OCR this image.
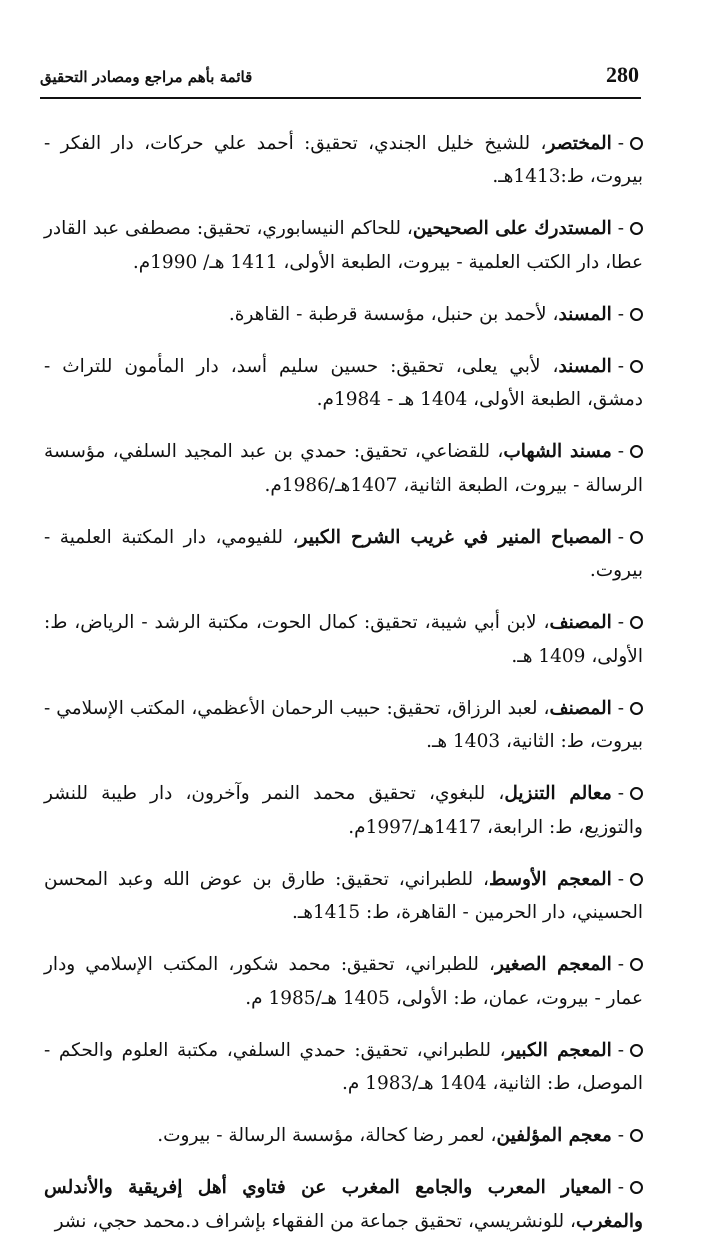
280
قائمة بأهم مراجع ومصادر التحقيق

-المختصر، للشيخ خليل الجندي، تحقيق: أحمد علي حركات، دار الفكر - بيروت، ط:1413هـ.

-المستدرك على الصحيحين، للحاكم النيسابوري، تحقيق: مصطفى عبد القادر عطا، دار الكتب العلمية - بيروت، الطبعة الأولى، 1411 هـ/ 1990م.

-المسند، لأحمد بن حنبل، مؤسسة قرطبة - القاهرة.

-المسند، لأبي يعلى، تحقيق: حسين سليم أسد، دار المأمون للتراث - دمشق، الطبعة الأولى، 1404 هـ - 1984م.

-مسند الشهاب، للقضاعي، تحقيق: حمدي بن عبد المجيد السلفي، مؤسسة الرسالة - بيروت، الطبعة الثانية، 1407هـ/1986م.

-المصباح المنير في غريب الشرح الكبير، للفيومي، دار المكتبة العلمية - بيروت.

-المصنف، لابن أبي شيبة، تحقيق: كمال الحوت، مكتبة الرشد - الرياض، ط: الأولى، 1409 هـ.

-المصنف، لعبد الرزاق، تحقيق: حبيب الرحمان الأعظمي، المكتب الإسلامي - بيروت، ط: الثانية، 1403 هـ.

-معالم التنزيل، للبغوي، تحقيق محمد النمر وآخرون، دار طيبة للنشر والتوزيع، ط: الرابعة، 1417هـ/1997م.

-المعجم الأوسط، للطبراني، تحقيق: طارق بن عوض الله وعبد المحسن الحسيني، دار الحرمين - القاهرة، ط: 1415هـ.

-المعجم الصغير، للطبراني، تحقيق: محمد شكور، المكتب الإسلامي ودار عمار - بيروت، عمان، ط: الأولى، 1405 هـ/1985 م.

-المعجم الكبير، للطبراني، تحقيق: حمدي السلفي، مكتبة العلوم والحكم - الموصل، ط: الثانية، 1404 هـ/1983 م.

-معجم المؤلفين، لعمر رضا كحالة، مؤسسة الرسالة - بيروت.

-المعيار المعرب والجامع المغرب عن فتاوي أهل إفريقية والأندلس والمغرب، للونشريسي، تحقيق جماعة من الفقهاء بإشراف د.محمد حجي، نشر
